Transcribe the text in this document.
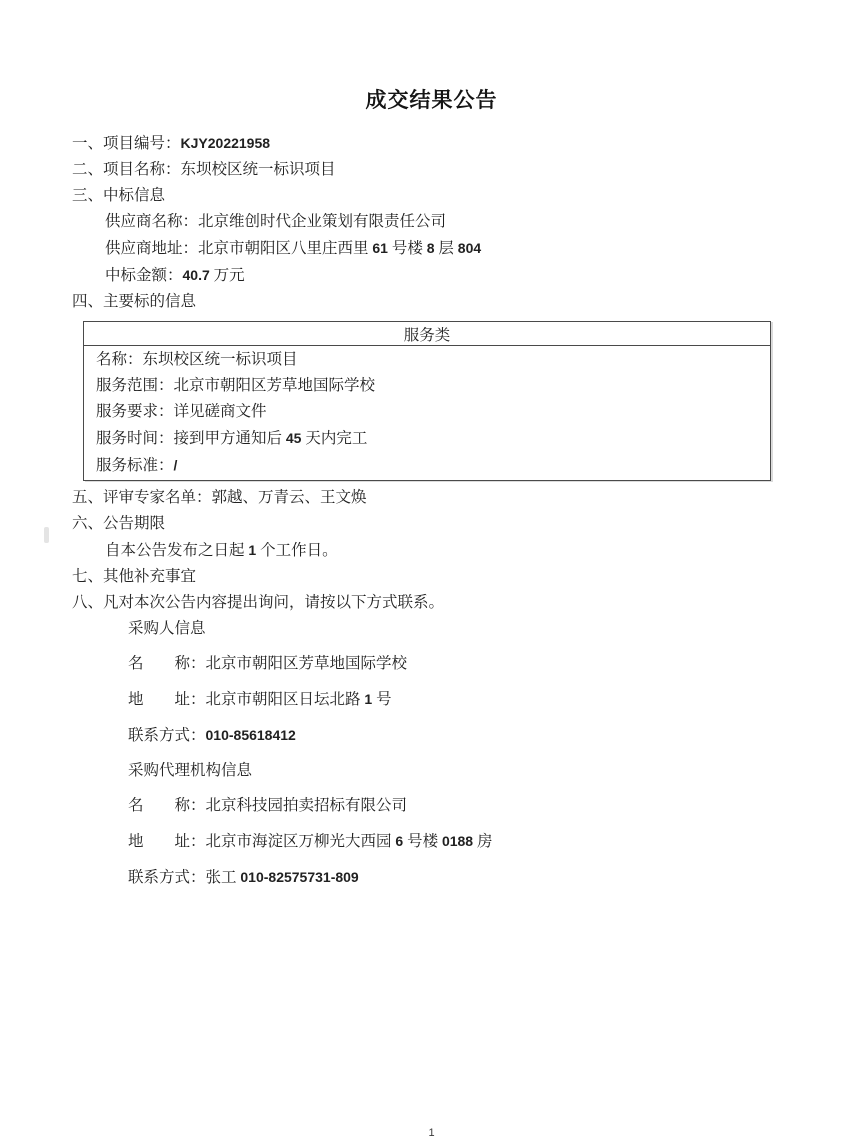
成交结果公告
一、项目编号：KJY20221958
二、项目名称：东坝校区统一标识项目
三、中标信息
供应商名称：北京维创时代企业策划有限责任公司
供应商地址：北京市朝阳区八里庄西里 61 号楼 8 层 804
中标金额：40.7 万元
四、主要标的信息
服务类

名称：东坝校区统一标识项目
服务范围：北京市朝阳区芳草地国际学校
服务要求：详见磋商文件
服务时间：接到甲方通知后 45 天内完工
服务标准：/
五、评审专家名单：郭越、万青云、王文焕
六、公告期限
自本公告发布之日起 1 个工作日。
七、其他补充事宜
八、凡对本次公告内容提出询问，请按以下方式联系。
采购人信息
名　　称：北京市朝阳区芳草地国际学校
地　　址：北京市朝阳区日坛北路 1 号
联系方式：010-85618412
采购代理机构信息
名　　称：北京科技园拍卖招标有限公司
地　　址：北京市海淀区万柳光大西园 6 号楼 0188 房
联系方式：张工 010-82575731-809
1
